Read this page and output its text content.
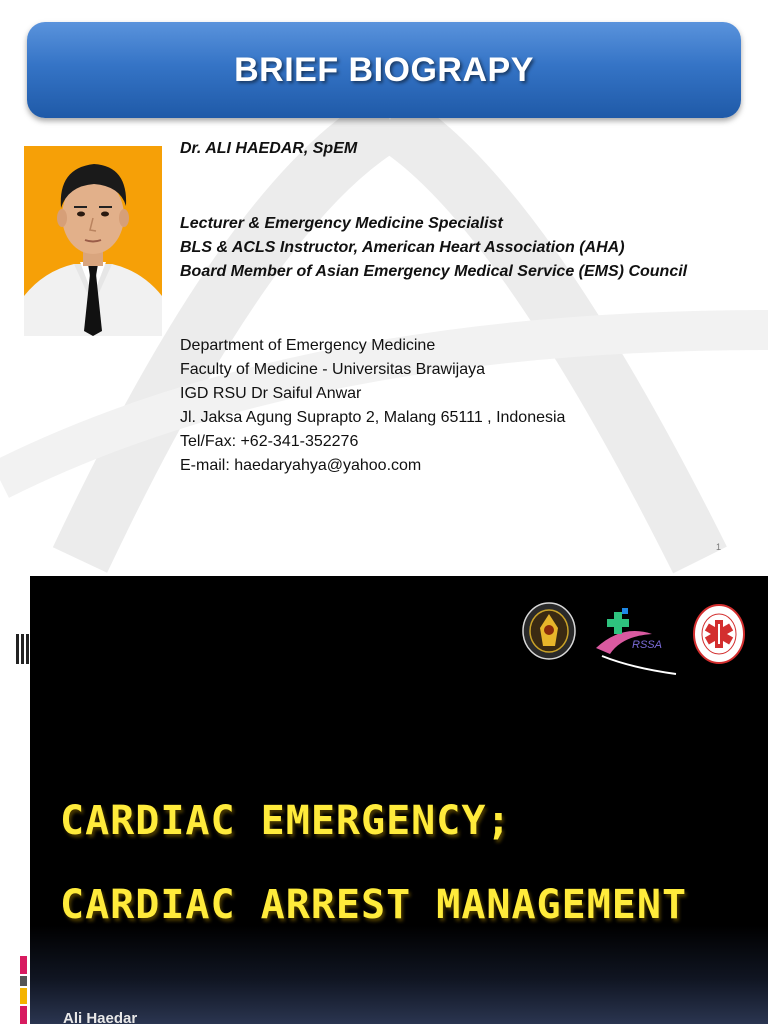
BRIEF BIOGRAPY
Dr. ALI HAEDAR, SpEM
Lecturer & Emergency Medicine Specialist
BLS & ACLS Instructor, American Heart Association (AHA)
Board Member of Asian Emergency Medical Service (EMS) Council
Department of Emergency Medicine
Faculty of Medicine - Universitas Brawijaya
IGD RSU Dr Saiful Anwar
Jl. Jaksa Agung Suprapto 2, Malang 65111 , Indonesia
Tel/Fax: +62-341-352276
E-mail: haedaryahya@yahoo.com
1
RSSA
CARDIAC EMERGENCY;
CARDIAC ARREST MANAGEMENT
Ali Haedar
